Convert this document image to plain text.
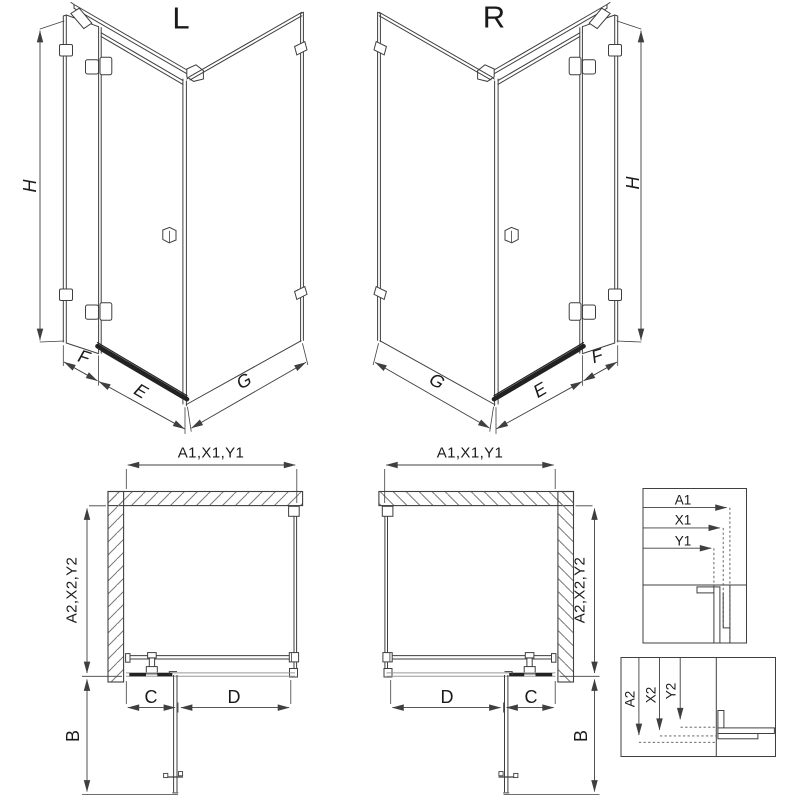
L	R
H
F
E	G
H
F
E
G
A1,X1,Y1
A2,X2,Y2
C	D
B
A1,X1,Y1
A2,X2,Y2
D	C
B
A1
X1
Y1
A2 X2 Y2
